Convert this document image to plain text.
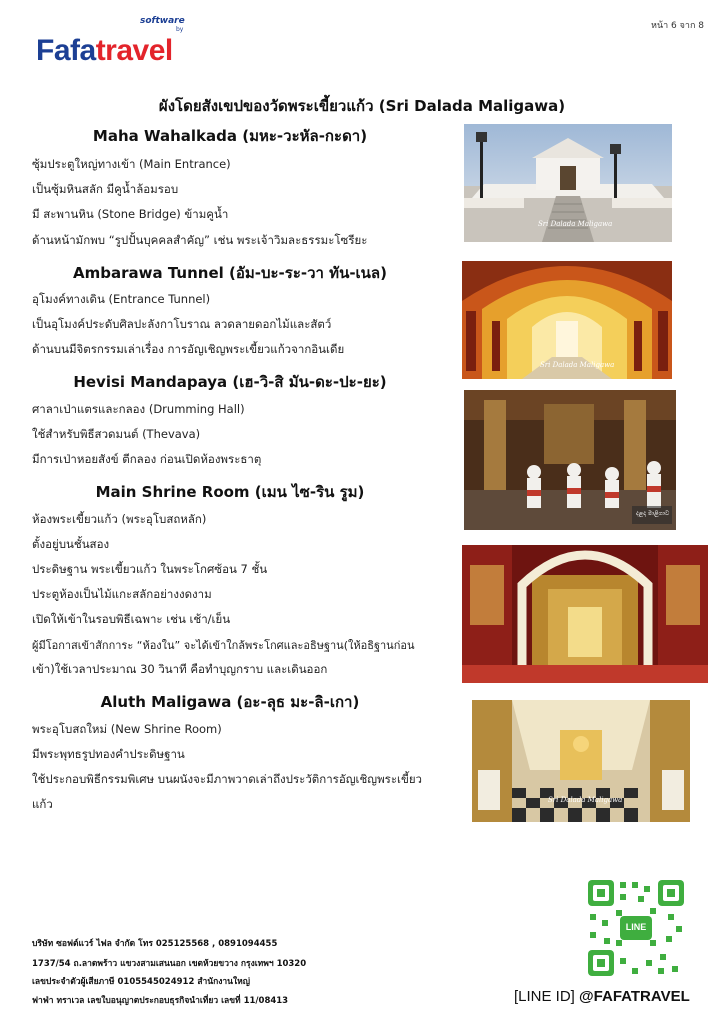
หน้า 6 จาก 8
software
by
Fafatravel
ผังโดยสังเขปของวัดพระเขี้ยวแก้ว (Sri Dalada Maligawa)
Maha Wahalkada (มหะ-วะหัล-กะดา)
ซุ้มประตูใหญ่ทางเข้า (Main Entrance)
เป็นซุ้มหินสลัก มีคูน้ำล้อมรอบ
มี สะพานหิน (Stone Bridge) ข้ามคูน้ำ
ด้านหน้ามักพบ “รูปปั้นบุคคลสำคัญ” เช่น พระเจ้าวิมละธรรมะโซรียะ
Ambarawa Tunnel (อัม-บะ-ระ-วา ทัน-เนล)
อุโมงค์ทางเดิน (Entrance Tunnel)
เป็นอุโมงค์ประดับศิลปะลังกาโบราณ ลวดลายดอกไม้และสัตว์
ด้านบนมีจิตรกรรมเล่าเรื่อง การอัญเชิญพระเขี้ยวแก้วจากอินเดีย
Hevisi Mandapaya (เฮ-วิ-สิ มัน-ดะ-ปะ-ยะ)
ศาลาเป่าแตรและกลอง (Drumming Hall)
ใช้สำหรับพิธีสวดมนต์ (Thevava)
มีการเป่าหอยสังข์ ตีกลอง ก่อนเปิดห้องพระธาตุ
Main Shrine Room (เมน ไซ-ริน รูม)
ห้องพระเขี้ยวแก้ว (พระอุโบสถหลัก)
ตั้งอยู่บนชั้นสอง
ประดิษฐาน พระเขี้ยวแก้ว ในพระโกศซ้อน 7 ชั้น
ประตูห้องเป็นไม้แกะสลักอย่างงดงาม
เปิดให้เข้าในรอบพิธีเฉพาะ เช่น เช้า/เย็น
ผู้มีโอกาสเข้าสักการะ “ห้องใน” จะได้เข้าใกล้พระโกศและอธิษฐาน(ให้อธิฐานก่อน
เข้า)ใช้เวลาประมาณ 30 วินาที คือทำบุญกราบ และเดินออก
Aluth Maligawa (อะ-ลุธ มะ-ลิ-เกา)
พระอุโบสถใหม่ (New Shrine Room)
มีพระพุทธรูปทองคำประดิษฐาน
ใช้ประกอบพิธีกรรมพิเศษ บนผนังจะมีภาพวาดเล่าถึงประวัติการอัญเชิญพระเขี้ยว
แก้ว
Sri Dalada Maligawa
Sri Dalada Maligawa
දළදා මාළිගාව
Sri Dalada Maligawa
บริษัท ซอฟต์แวร์ ไฟล จำกัด โทร 025125568 , 0891094455
1737/54 ถ.ลาดพร้าว แขวงสามเสนนอก เขตห้วยขวาง กรุงเทพฯ 10320
เลขประจำตัวผู้เสียภาษี 0105545024912 สำนักงานใหญ่
ฟาฟ่า ทราเวล เลขใบอนุญาตประกอบธุรกิจนำเที่ยว เลขที่ 11/08413
LINE
[LINE ID] @FAFATRAVEL
